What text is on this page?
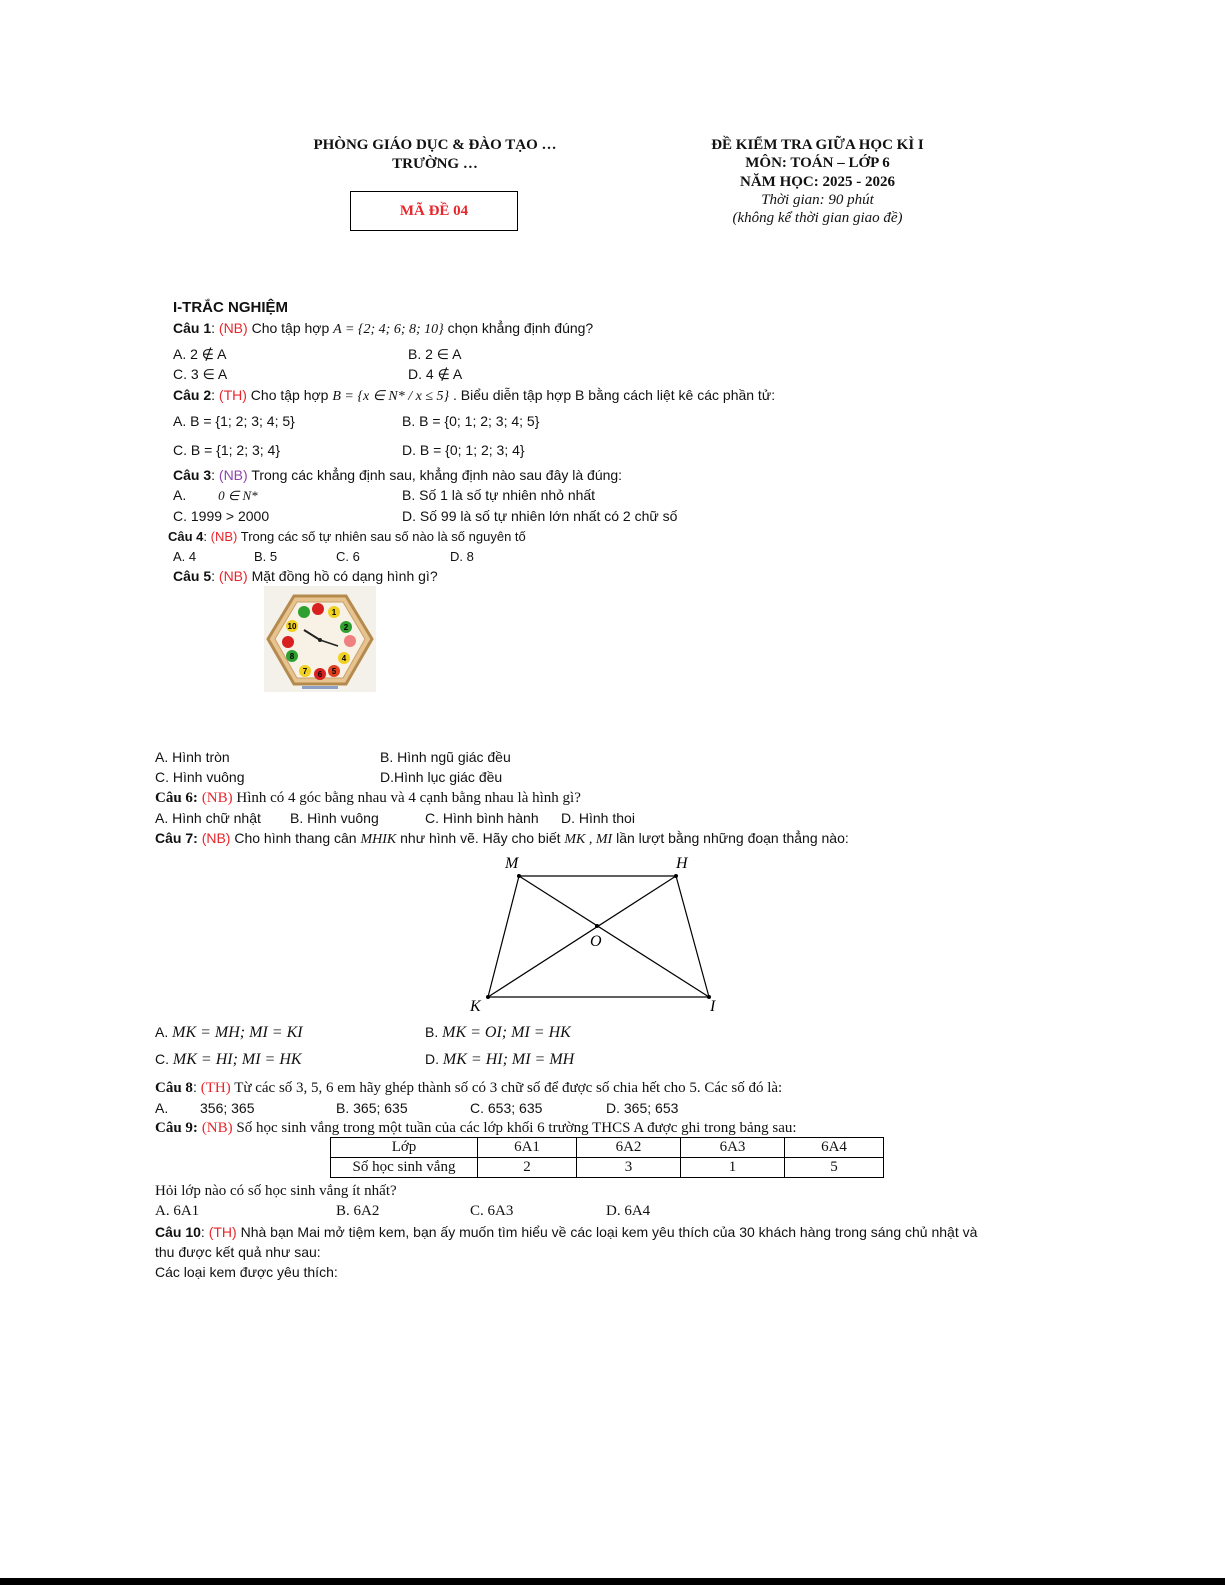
PHÒNG GIÁO DỤC & ĐÀO TẠO …
TRƯỜNG …
MÃ ĐỀ 04
ĐỀ KIỂM TRA GIỮA HỌC KÌ I
MÔN: TOÁN – LỚP 6
NĂM HỌC: 2025 - 2026
Thời gian: 90 phút
(không kể thời gian giao đề)
I-TRẮC NGHIỆM
Câu 1: (NB) Cho tập hợp A = {2; 4; 6; 8; 10} chọn khẳng định đúng?
A. 2 ∉ A	B. 2 ∈ A
C. 3 ∈ A	D. 4 ∉ A
Câu 2: (TH) Cho tập hợp B = {x ∈ N* / x ≤ 5} . Biểu diễn tập hợp B bằng cách liệt kê các phần tử:
A. B = {1; 2; 3; 4; 5}	B. B = {0; 1; 2; 3; 4; 5}
C. B = {1; 2; 3; 4}	D. B = {0; 1; 2; 3; 4}
Câu 3: (NB) Trong các khẳng định sau, khẳng định nào sau đây là đúng:
A. 0 ∈ N*	B. Số 1 là số tự nhiên nhỏ nhất
C. 1999 > 2000	D. Số 99 là số tự nhiên lớn nhất có 2 chữ số
Câu 4: (NB) Trong các số tự nhiên sau số nào là số nguyên tố
A. 4	B. 5	C. 6	D. 8
Câu 5: (NB) Mặt đồng hồ có dạng hình gì?
1
2
4
5
6
7
8
10
A. Hình tròn	B. Hình ngũ giác đều
C. Hình vuông	D.Hình lục giác đều
Câu 6: (NB) Hình có 4 góc bằng nhau và 4 cạnh bằng nhau là hình gì?
A. Hình chữ nhật B. Hình vuông	C. Hình bình hành D. Hình thoi
Câu 7: (NB) Cho hình thang cân MHIK như hình vẽ. Hãy cho biết MK , MI lần lượt bằng những đoạn thẳng nào:
M	H
O
K	I
A. MK = MH; MI = KI	B. MK = OI; MI = HK
C. MK = HI; MI = HK	D. MK = HI; MI = MH
Câu 8: (TH) Từ các số 3, 5, 6 em hãy ghép thành số có 3 chữ số để được số chia hết cho 5. Các số đó là:
A. 356; 365	B. 365; 635	C. 653; 635	D. 365; 653
Câu 9: (NB) Số học sinh vắng trong một tuần của các lớp khối 6 trường THCS A được ghi trong bảng sau:
Lớp	6A1	6A2	6A3	6A4
Số học sinh vắng	2	3	1	5
Hỏi lớp nào có số học sinh vắng ít nhất?
A. 6A1	B. 6A2	C. 6A3	D. 6A4
Câu 10: (TH) Nhà bạn Mai mở tiệm kem, bạn ấy muốn tìm hiểu về các loại kem yêu thích của 30 khách hàng trong sáng chủ nhật và
thu được kết quả như sau:
Các loại kem được yêu thích:
